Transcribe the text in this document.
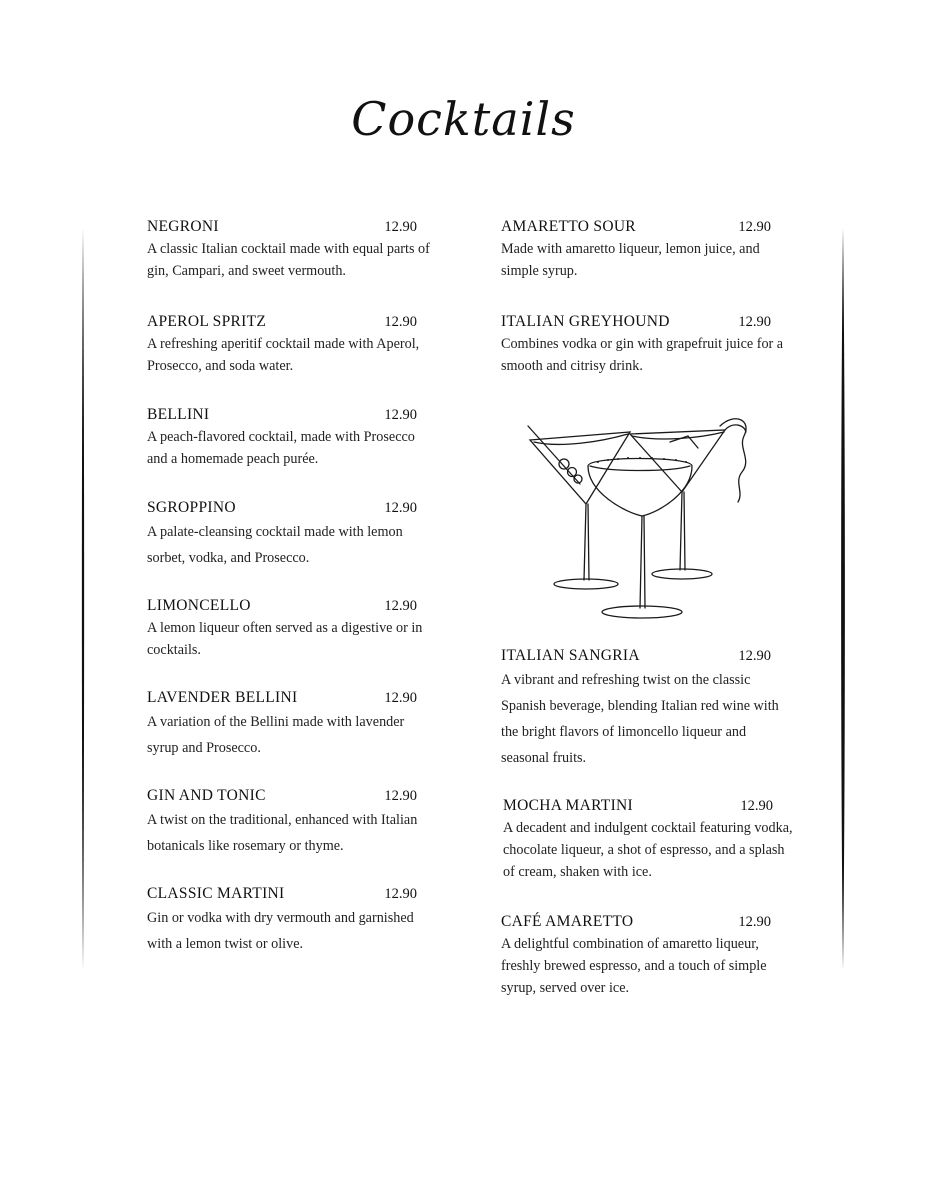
Cocktails
NEGRONI	12.90
A classic Italian cocktail made with equal parts of gin, Campari, and sweet vermouth.
APEROL SPRITZ	12.90
A refreshing aperitif cocktail made with Aperol, Prosecco, and soda water.
BELLINI	12.90
A peach-flavored cocktail, made with Prosecco and a homemade peach purée.
SGROPPINO	12.90
A palate-cleansing cocktail made with lemon sorbet, vodka, and Prosecco.
LIMONCELLO	12.90
A lemon liqueur often served as a digestive or in cocktails.
LAVENDER BELLINI	12.90
A variation of the Bellini made with lavender syrup and Prosecco.
GIN AND TONIC	12.90
A twist on the traditional, enhanced with Italian botanicals like rosemary or thyme.
CLASSIC MARTINI	12.90
Gin or vodka with dry vermouth and garnished with a lemon twist or olive.
AMARETTO SOUR	12.90
Made with amaretto liqueur, lemon juice, and simple syrup.
ITALIAN GREYHOUND	12.90
Combines vodka or gin with grapefruit juice for a smooth and citrisy drink.
ITALIAN SANGRIA	12.90
A vibrant and refreshing twist on the classic Spanish beverage, blending Italian red wine with the bright flavors of limoncello liqueur and seasonal fruits.
MOCHA MARTINI	12.90
A decadent and indulgent cocktail featuring vodka, chocolate liqueur, a shot of espresso, and a splash of cream, shaken with ice.
CAFÉ AMARETTO	12.90
A delightful combination of amaretto liqueur, freshly brewed espresso, and a touch of simple syrup, served over ice.
